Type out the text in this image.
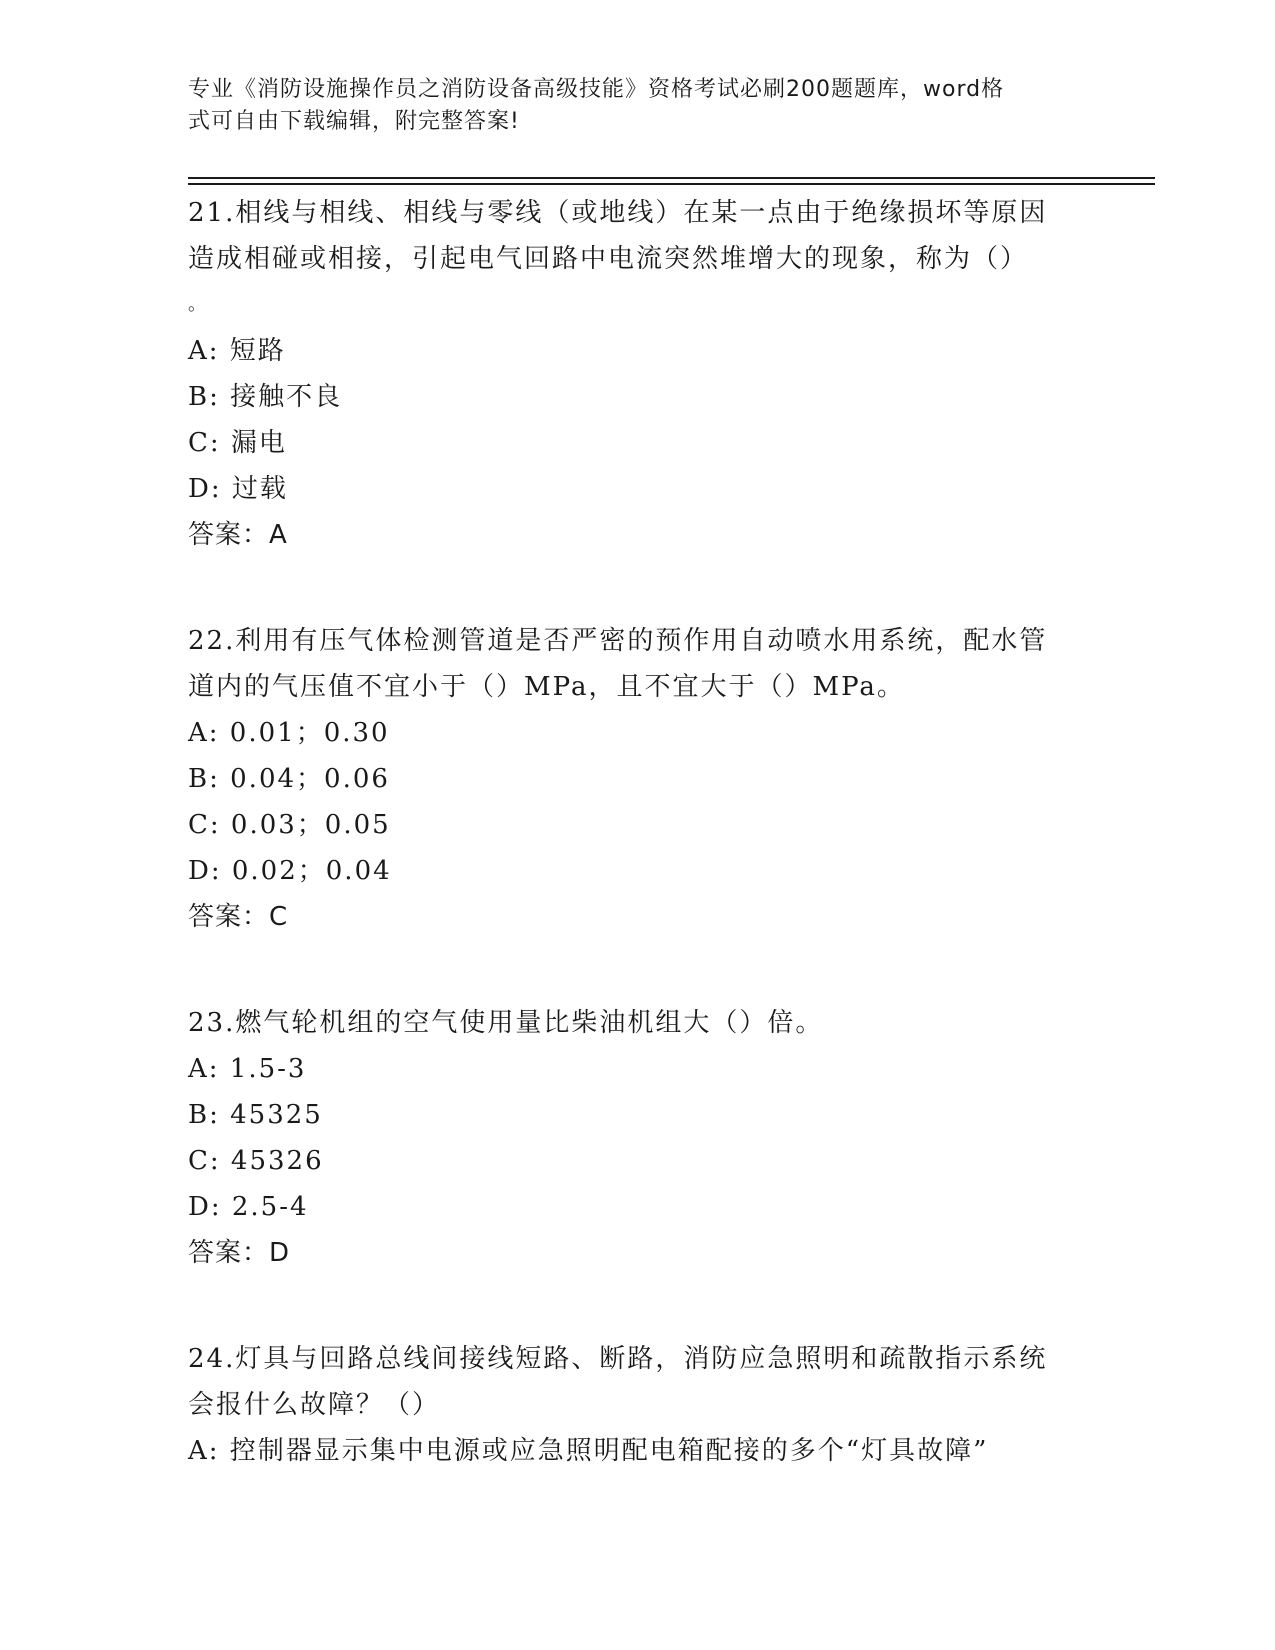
专业《消防设施操作员之消防设备高级技能》资格考试必刷200题题库，word格
式可自由下载编辑，附完整答案!

21.相线与相线、相线与零线（或地线）在某一点由于绝缘损坏等原因

造成相碰或相接，引起电气回路中电流突然堆增大的现象，称为（）

。

A: 短路

B: 接触不良

C: 漏电

D: 过载

答案：A

22.利用有压气体检测管道是否严密的预作用自动喷水用系统，配水管

道内的气压值不宜小于（）MPa，且不宜大于（）MPa。

A: 0.01；0.30

B: 0.04；0.06

C: 0.03；0.05

D: 0.02；0.04

答案：C

23.燃气轮机组的空气使用量比柴油机组大（）倍。

A: 1.5-3

B: 45325

C: 45326

D: 2.5-4

答案：D

24.灯具与回路总线间接线短路、断路，消防应急照明和疏散指示系统

会报什么故障？（）

A: 控制器显示集中电源或应急照明配电箱配接的多个“灯具故障”
